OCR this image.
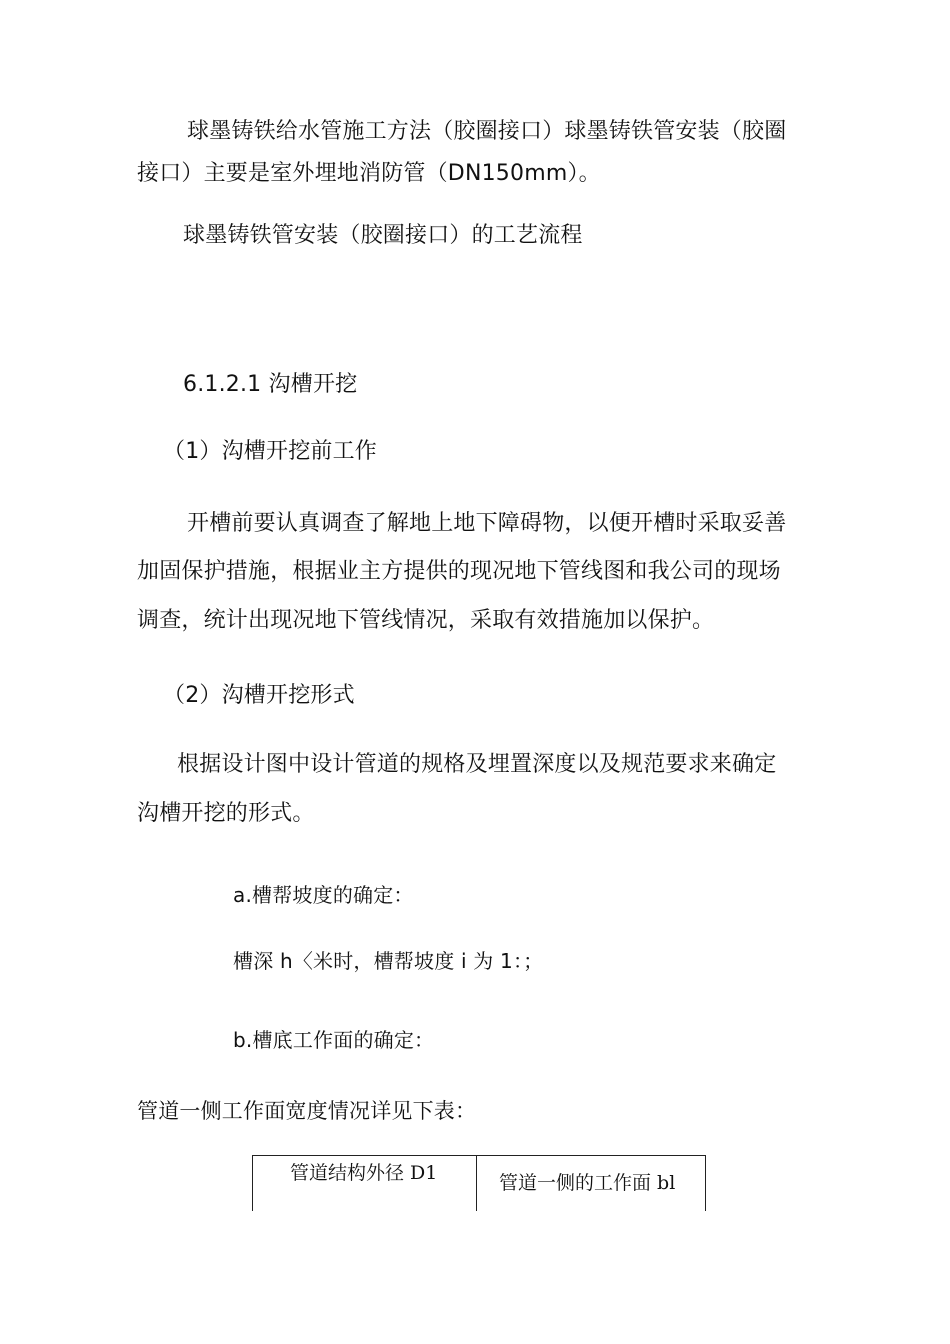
球墨铸铁给水管施工方法（胶圈接口）球墨铸铁管安装（胶圈
接口）主要是室外埋地消防管（DN150mm）。
球墨铸铁管安装（胶圈接口）的工艺流程
6.1.2.1 沟槽开挖
（1）沟槽开挖前工作
开槽前要认真调查了解地上地下障碍物，以便开槽时采取妥善
加固保护措施，根据业主方提供的现况地下管线图和我公司的现场
调查，统计出现况地下管线情况，采取有效措施加以保护。
（2）沟槽开挖形式
根据设计图中设计管道的规格及埋置深度以及规范要求来确定
沟槽开挖的形式。
a.槽帮坡度的确定：
槽深 h〈米时，槽帮坡度 i 为 1：；
b.槽底工作面的确定：
管道一侧工作面宽度情况详见下表：
管道结构外径 D1	管道一侧的工作面 bl
